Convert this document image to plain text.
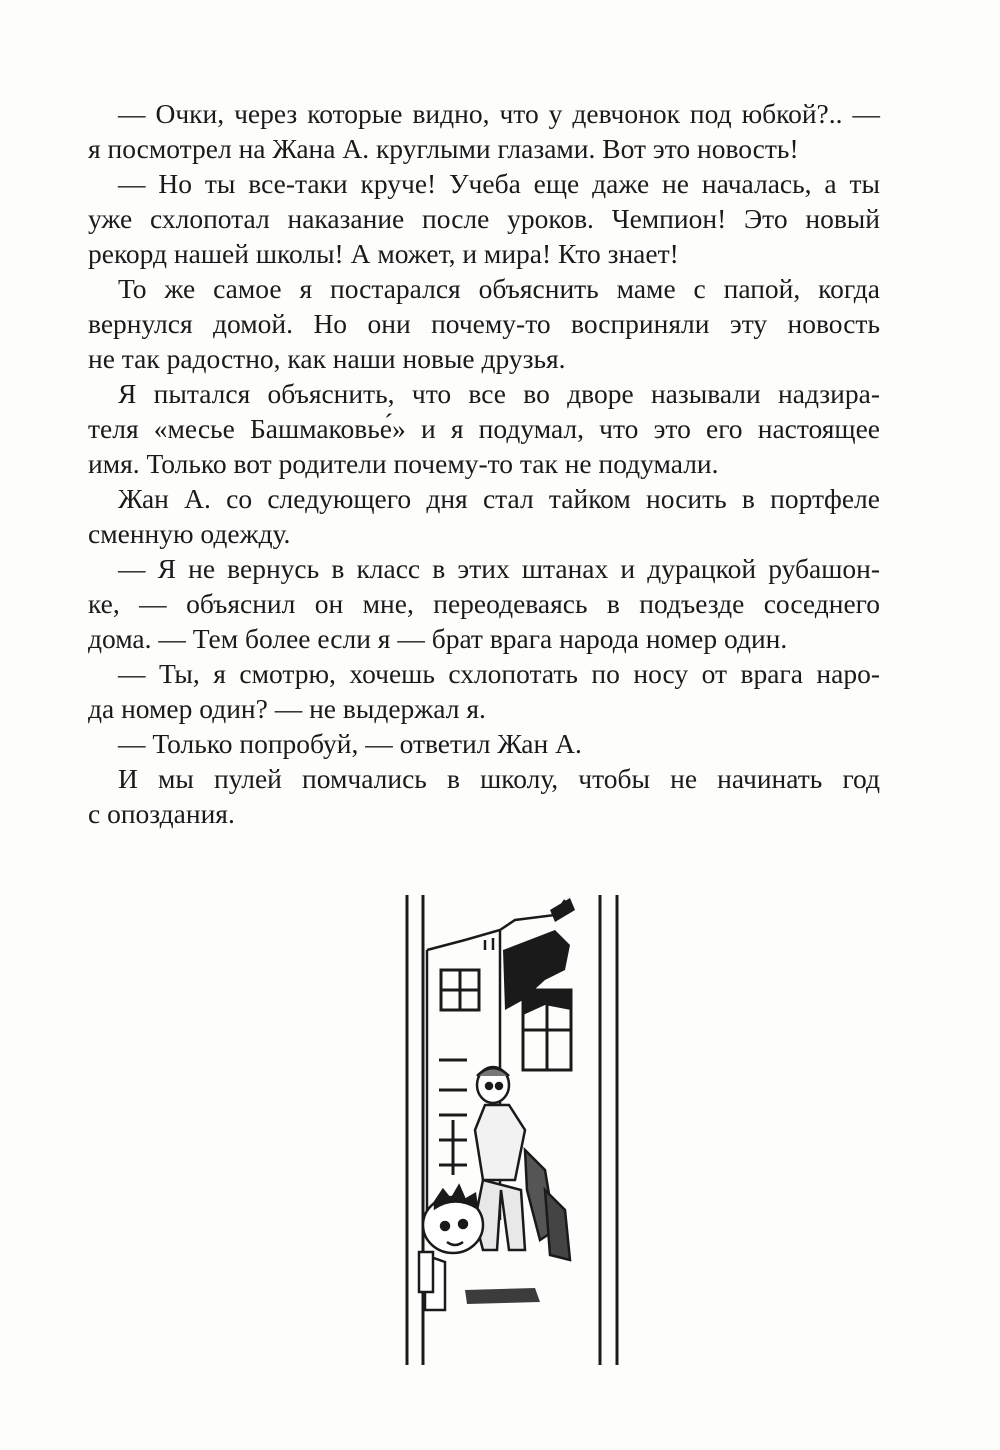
— Очки, через которые видно, что у девчонок под юбкой?.. —
я посмотрел на Жана А. круглыми глазами. Вот это новость!

— Но ты все-таки круче! Учеба еще даже не началась, а ты
уже схлопотал наказание после уроков. Чемпион! Это новый
рекорд нашей школы! А может, и мира! Кто знает!

То же самое я постарался объяснить маме с папой, когда
вернулся домой. Но они почему-то восприняли эту новость
не так радостно, как наши новые друзья.

Я пытался объяснить, что все во дворе называли надзира-
теля «месье Башмаковье́» и я подумал, что это его настоящее
имя. Только вот родители почему-то так не подумали.

Жан А. со следующего дня стал тайком носить в портфеле
сменную одежду.

— Я не вернусь в класс в этих штанах и дурацкой рубашон-
ке, — объяснил он мне, переодеваясь в подъезде соседнего
дома. — Тем более если я — брат врага народа номер один.

— Ты, я смотрю, хочешь схлопотать по носу от врага наро-
да номер один? — не выдержал я.

— Только попробуй, — ответил Жан А.

И мы пулей помчались в школу, чтобы не начинать год
с опоздания.
